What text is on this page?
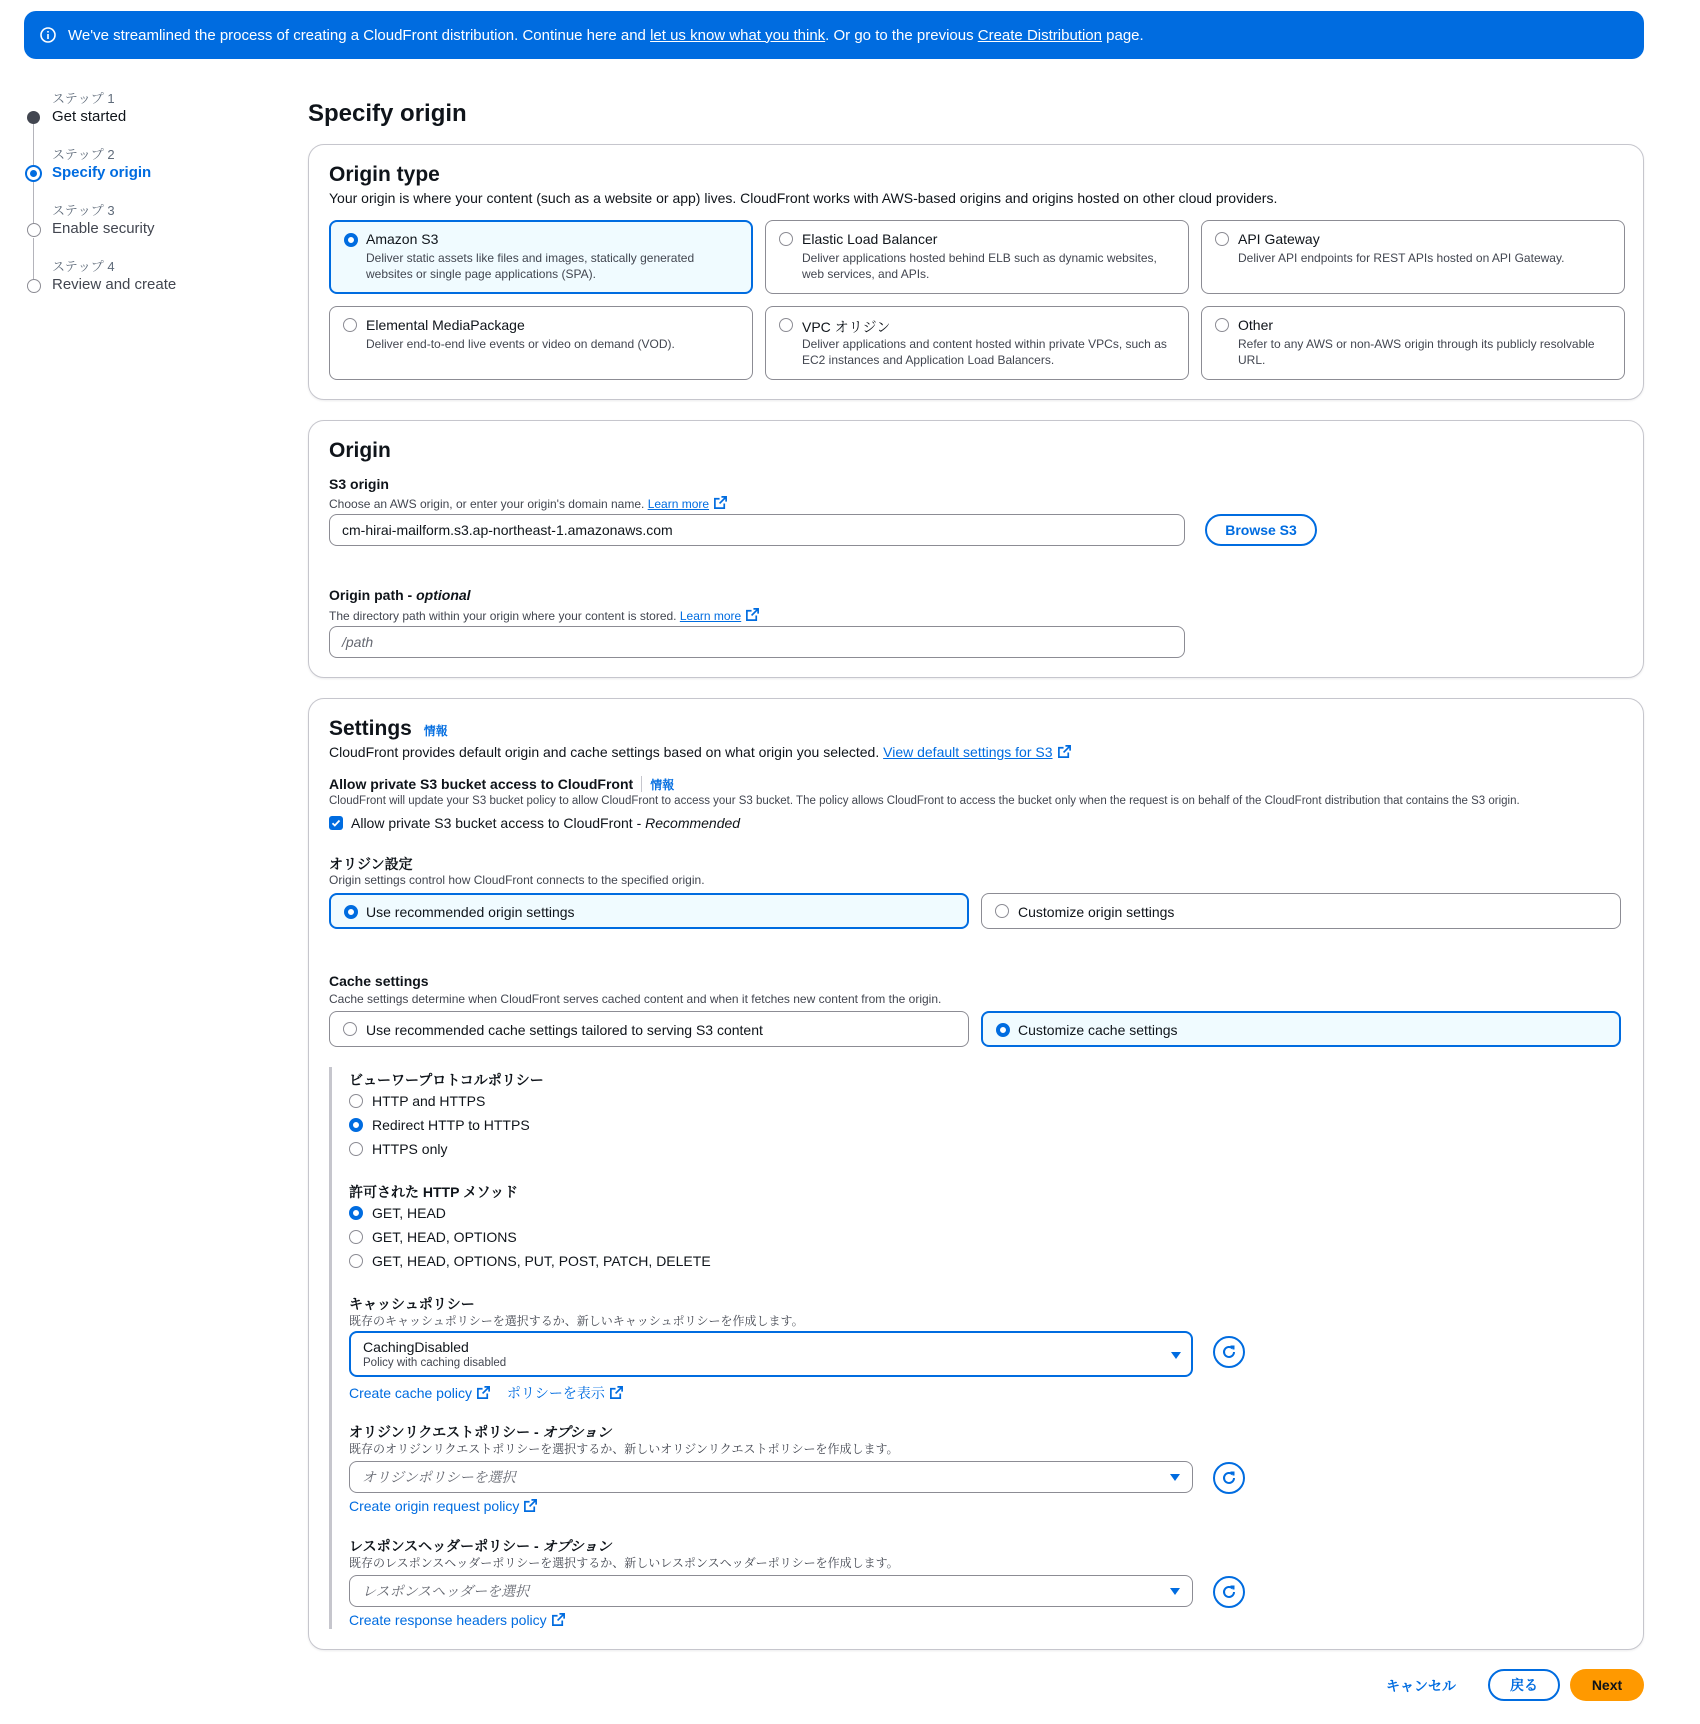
We've streamlined the process of creating a CloudFront distribution. Continue here and let us know what you think. Or go to the previous Create Distribution page.
ステップ 1
Get started
ステップ 2
Specify origin
ステップ 3
Enable security
ステップ 4
Review and create
Specify origin
Origin type
Your origin is where your content (such as a website or app) lives. CloudFront works with AWS-based origins and origins hosted on other cloud providers.
Amazon S3
Deliver static assets like files and images, statically generated websites or single page applications (SPA).
Elastic Load Balancer
Deliver applications hosted behind ELB such as dynamic websites, web services, and APIs.
API Gateway
Deliver API endpoints for REST APIs hosted on API Gateway.
Elemental MediaPackage
Deliver end-to-end live events or video on demand (VOD).
VPC オリジン
Deliver applications and content hosted within private VPCs, such as EC2 instances and Application Load Balancers.
Other
Refer to any AWS or non-AWS origin through its publicly resolvable URL.
Origin
S3 origin
Choose an AWS origin, or enter your origin's domain name. Learn more
cm-hirai-mailform.s3.ap-northeast-1.amazonaws.com	Browse S3
Origin path - optional
The directory path within your origin where your content is stored. Learn more
/path
Settings 情報
CloudFront provides default origin and cache settings based on what origin you selected. View default settings for S3
Allow private S3 bucket access to CloudFront 情報
CloudFront will update your S3 bucket policy to allow CloudFront to access your S3 bucket. The policy allows CloudFront to access the bucket only when the request is on behalf of the CloudFront distribution that contains the S3 origin.
Allow private S3 bucket access to CloudFront - Recommended
オリジン設定
Origin settings control how CloudFront connects to the specified origin.
Use recommended origin settings	Customize origin settings
Cache settings
Cache settings determine when CloudFront serves cached content and when it fetches new content from the origin.
Use recommended cache settings tailored to serving S3 content	Customize cache settings
ビューワープロトコルポリシー
HTTP and HTTPS
Redirect HTTP to HTTPS
HTTPS only
許可された HTTP メソッド
GET, HEAD
GET, HEAD, OPTIONS
GET, HEAD, OPTIONS, PUT, POST, PATCH, DELETE
キャッシュポリシー
既存のキャッシュポリシーを選択するか、新しいキャッシュポリシーを作成します。
CachingDisabled
Policy with caching disabled
Create cache policy ポリシーを表示
オリジンリクエストポリシー - オプション
既存のオリジンリクエストポリシーを選択するか、新しいオリジンリクエストポリシーを作成します。
オリジンポリシーを選択
Create origin request policy
レスポンスヘッダーポリシー - オプション
既存のレスポンスヘッダーポリシーを選択するか、新しいレスポンスヘッダーポリシーを作成します。
レスポンスヘッダーを選択
Create response headers policy
キャンセル	戻る	Next
